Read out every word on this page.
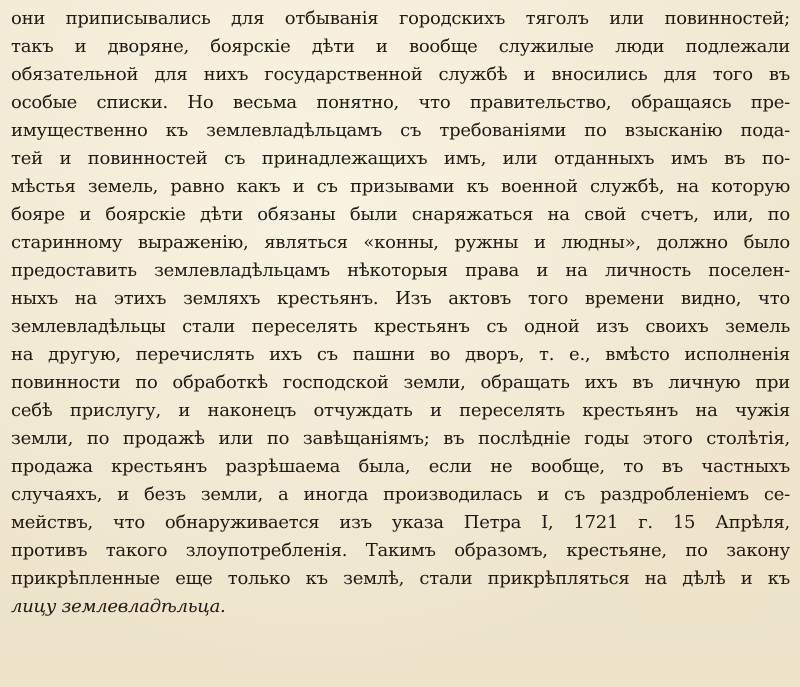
они приписывались для отбыванія городскихъ тяголъ или повинностей;
такъ и дворяне, боярскіе дѣти и вообще служилые люди подлежали
обязательной для нихъ государственной службѣ и вносились для того въ
особые списки. Но весьма понятно, что правительство, обращаясь пре-
имущественно къ землевладѣльцамъ съ требованіями по взысканію пода-
тей и повинностей съ принадлежащихъ имъ, или отданныхъ имъ въ по-
мѣстья земель, равно какъ и съ призывами къ военной службѣ, на которую
бояре и боярскіе дѣти обязаны были снаряжаться на свой счетъ, или, по
старинному выраженію, являться «конны, ружны и людны», должно было
предоставить землевладѣльцамъ нѣкоторыя права и на личность поселен-
ныхъ на этихъ земляхъ крестьянъ. Изъ актовъ того времени видно, что
землевладѣльцы стали переселять крестьянъ съ одной изъ своихъ земель
на другую, перечислять ихъ съ пашни во дворъ, т. е., вмѣсто исполненія
повинности по обработкѣ господской земли, обращать ихъ въ личную при
себѣ прислугу, и наконецъ отчуждать и переселять крестьянъ на чужія
земли, по продажѣ или по завѣщаніямъ; въ послѣдніе годы этого столѣтія,
продажа крестьянъ разрѣшаема была, если не вообще, то въ частныхъ
случаяхъ, и безъ земли, а иногда производилась и съ раздробленіемъ се-
мействъ, что обнаруживается изъ указа Петра I, 1721 г. 15 Апрѣля,
противъ такого злоупотребленія. Такимъ образомъ, крестьяне, по закону
прикрѣпленные еще только къ землѣ, стали прикрѣпляться на дѣлѣ и къ
лицу землевладѣльца.
